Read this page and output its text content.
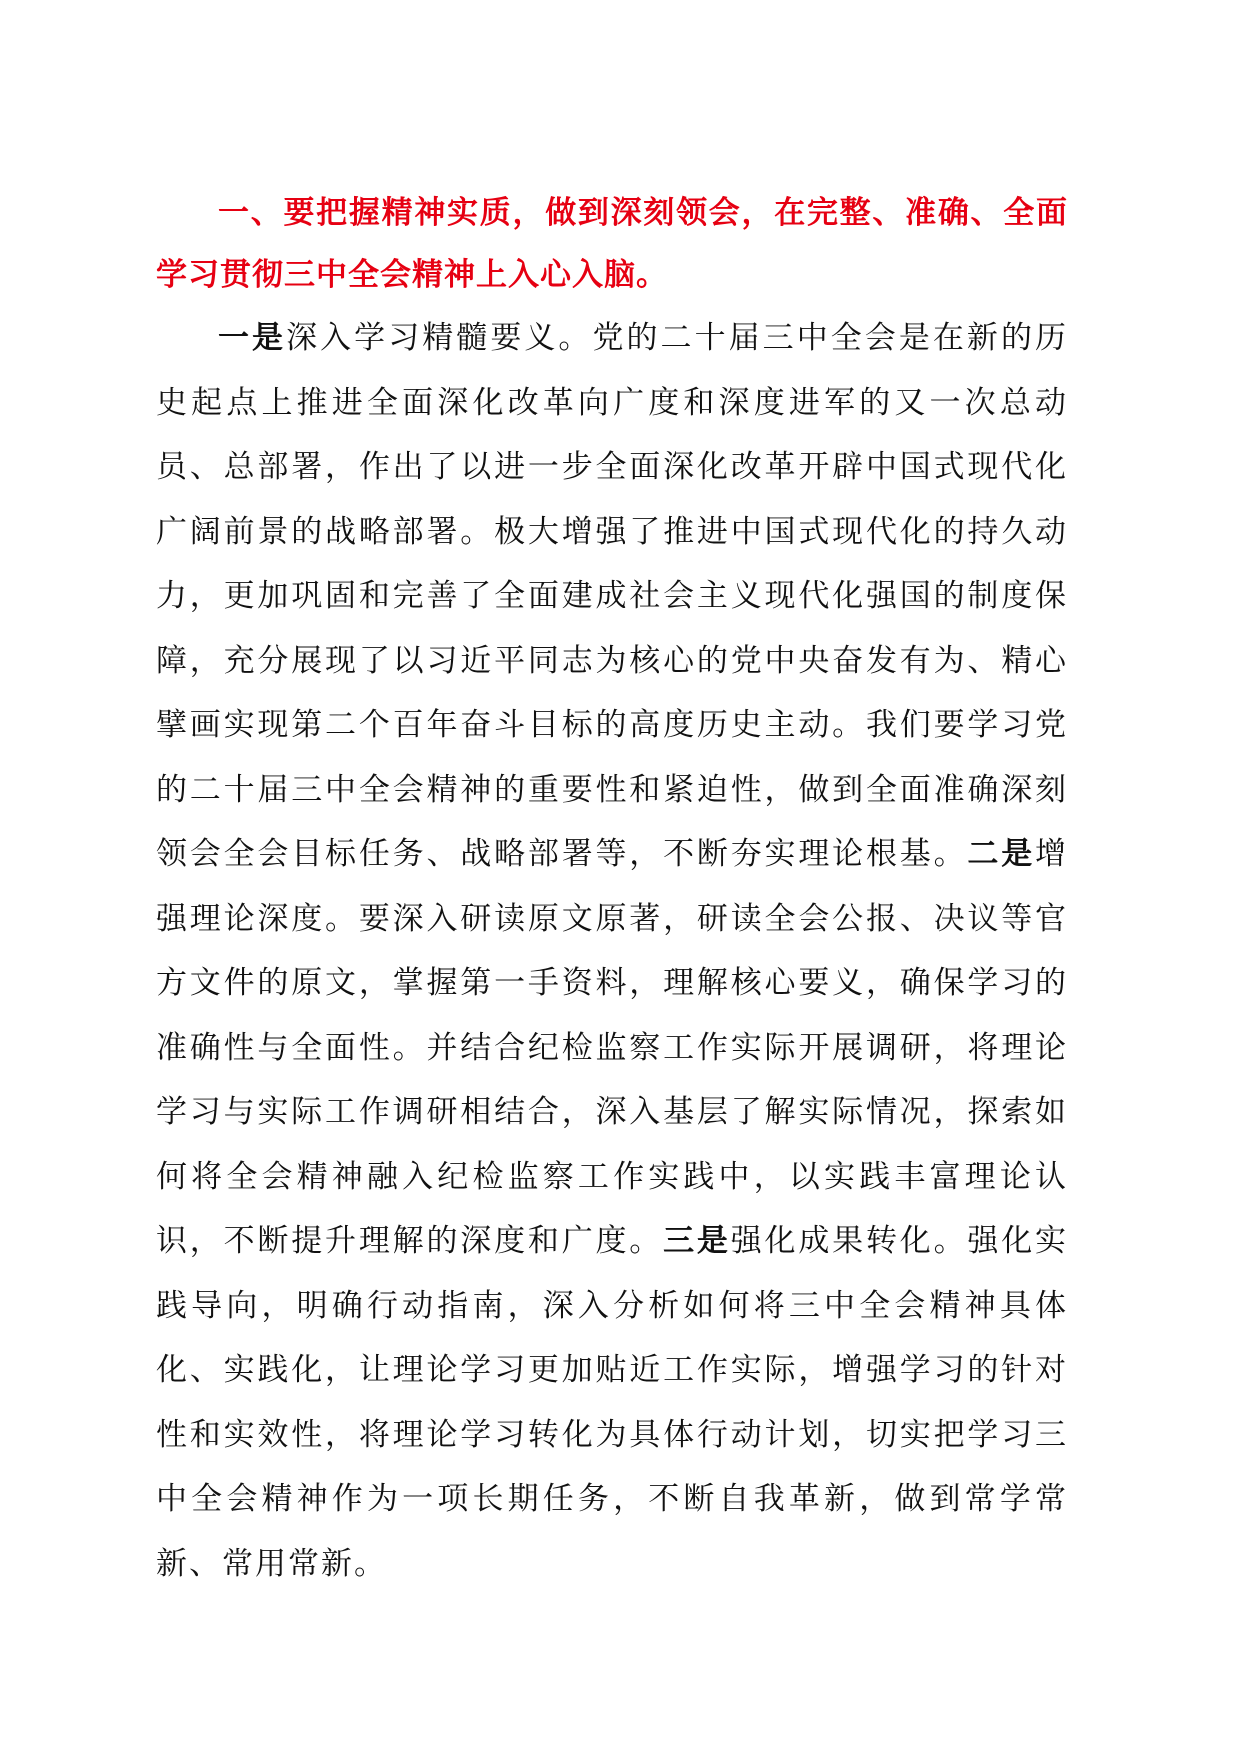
一、要把握精神实质，做到深刻领会，在完整、准确、全面学习贯彻三中全会精神上入心入脑。

一是深入学习精髓要义。党的二十届三中全会是在新的历史起点上推进全面深化改革向广度和深度进军的又一次总动员、总部署，作出了以进一步全面深化改革开辟中国式现代化广阔前景的战略部署。极大增强了推进中国式现代化的持久动力，更加巩固和完善了全面建成社会主义现代化强国的制度保障，充分展现了以习近平同志为核心的党中央奋发有为、精心擘画实现第二个百年奋斗目标的高度历史主动。我们要学习党的二十届三中全会精神的重要性和紧迫性，做到全面准确深刻领会全会目标任务、战略部署等，不断夯实理论根基。二是增强理论深度。要深入研读原文原著，研读全会公报、决议等官方文件的原文，掌握第一手资料，理解核心要义，确保学习的准确性与全面性。并结合纪检监察工作实际开展调研，将理论学习与实际工作调研相结合，深入基层了解实际情况，探索如何将全会精神融入纪检监察工作实践中，以实践丰富理论认识，不断提升理解的深度和广度。三是强化成果转化。强化实践导向，明确行动指南，深入分析如何将三中全会精神具体化、实践化，让理论学习更加贴近工作实际，增强学习的针对性和实效性，将理论学习转化为具体行动计划，切实把学习三中全会精神作为一项长期任务，不断自我革新，做到常学常新、常用常新。
